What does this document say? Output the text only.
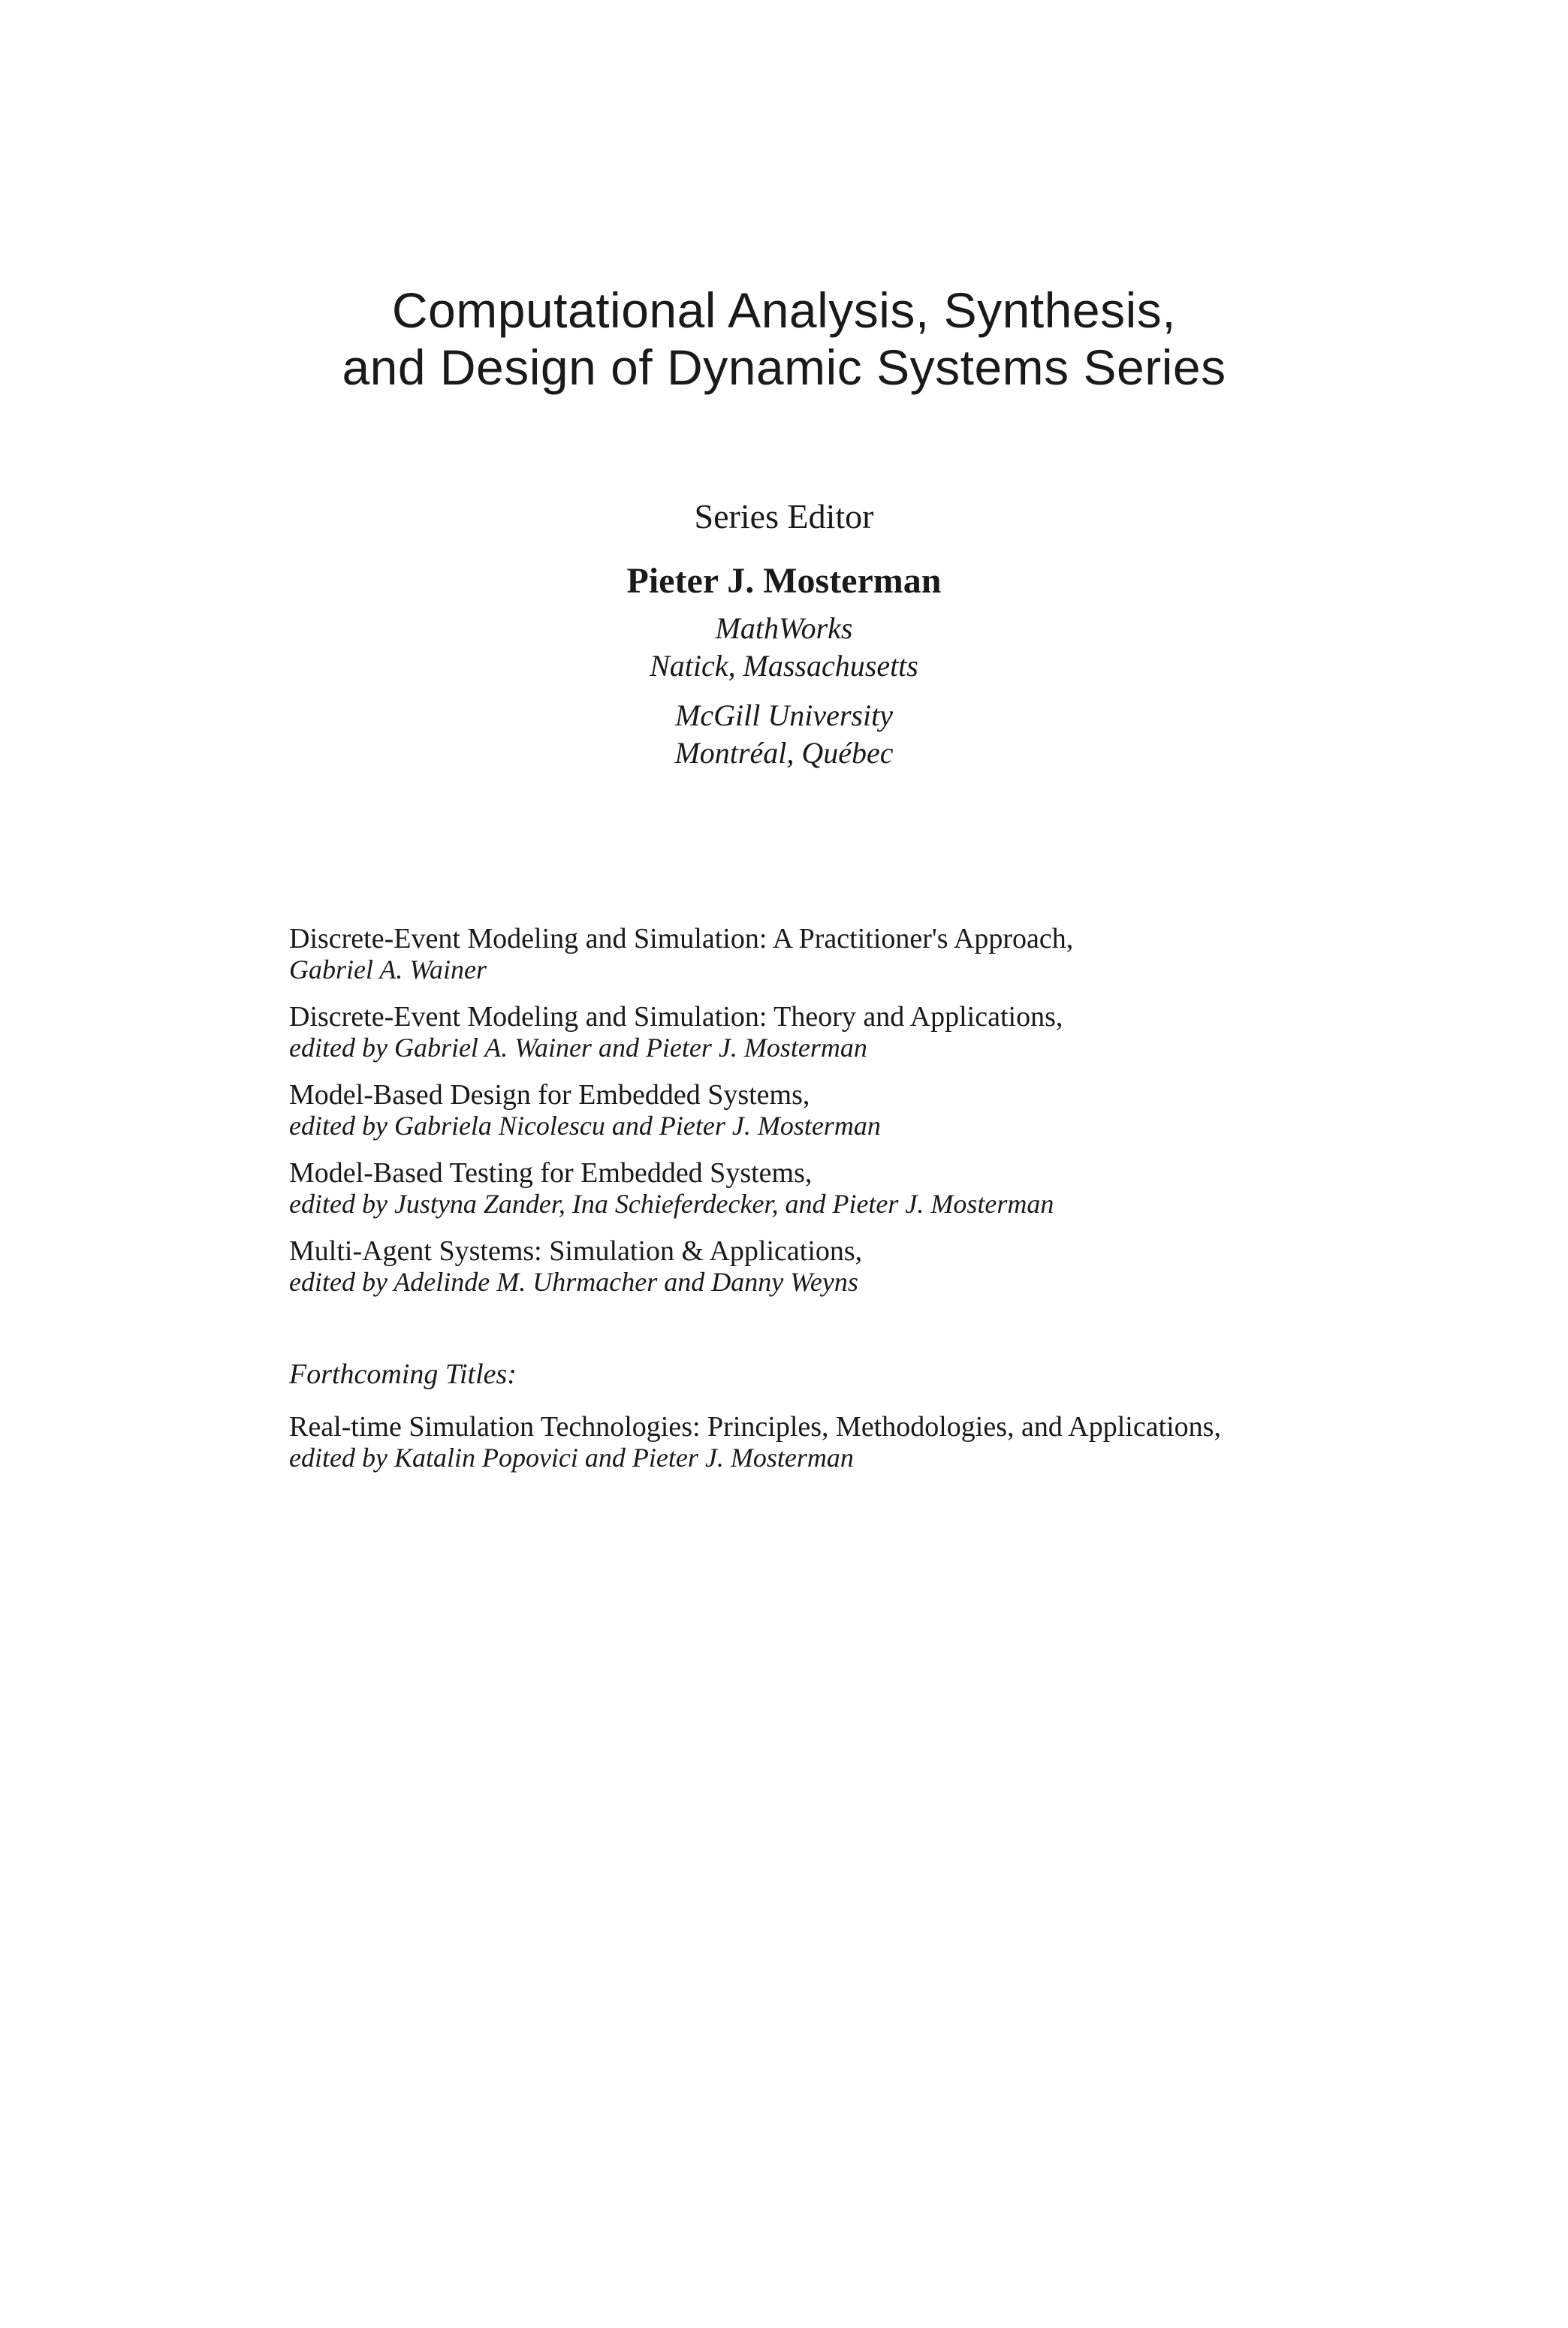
Computational Analysis, Synthesis,
and Design of Dynamic Systems Series
Series Editor
Pieter J. Mosterman
MathWorks
Natick, Massachusetts
McGill University
Montréal, Québec
Discrete-Event Modeling and Simulation: A Practitioner's Approach,
Gabriel A. Wainer
Discrete-Event Modeling and Simulation: Theory and Applications,
edited by Gabriel A. Wainer and Pieter J. Mosterman
Model-Based Design for Embedded Systems,
edited by Gabriela Nicolescu and Pieter J. Mosterman
Model-Based Testing for Embedded Systems,
edited by Justyna Zander, Ina Schieferdecker, and Pieter J. Mosterman
Multi-Agent Systems: Simulation & Applications,
edited by Adelinde M. Uhrmacher and Danny Weyns
Forthcoming Titles:
Real-time Simulation Technologies: Principles, Methodologies, and Applications,
edited by Katalin Popovici and Pieter J. Mosterman
